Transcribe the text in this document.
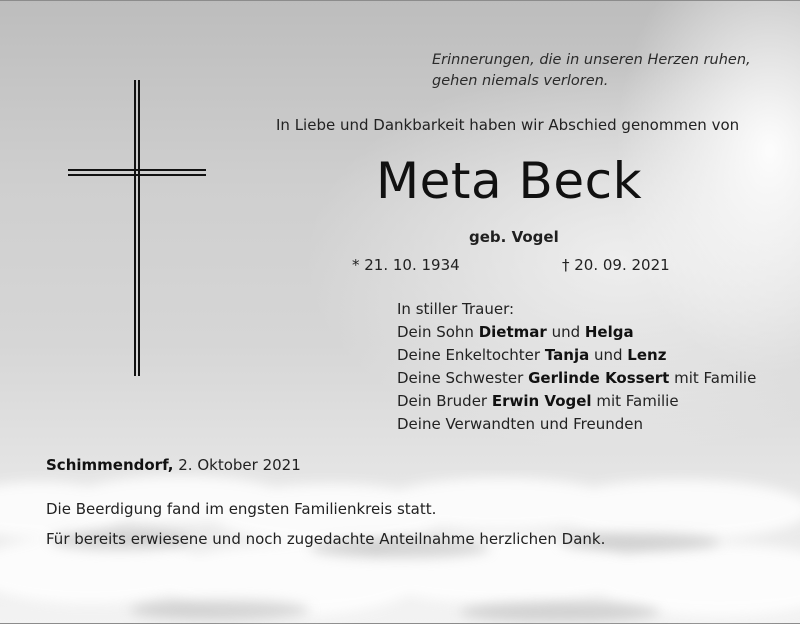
Erinnerungen, die in unseren Herzen ruhen,
gehen niemals verloren.
In Liebe und Dankbarkeit haben wir Abschied genommen von
Meta Beck
geb. Vogel
* 21. 10. 1934	† 20. 09. 2021
In stiller Trauer:
Dein Sohn Dietmar und Helga
Deine Enkeltochter Tanja und Lenz
Deine Schwester Gerlinde Kossert mit Familie
Dein Bruder Erwin Vogel mit Familie
Deine Verwandten und Freunden
Schimmendorf, 2. Oktober 2021
Die Beerdigung fand im engsten Familienkreis statt.
Für bereits erwiesene und noch zugedachte Anteilnahme herzlichen Dank.
